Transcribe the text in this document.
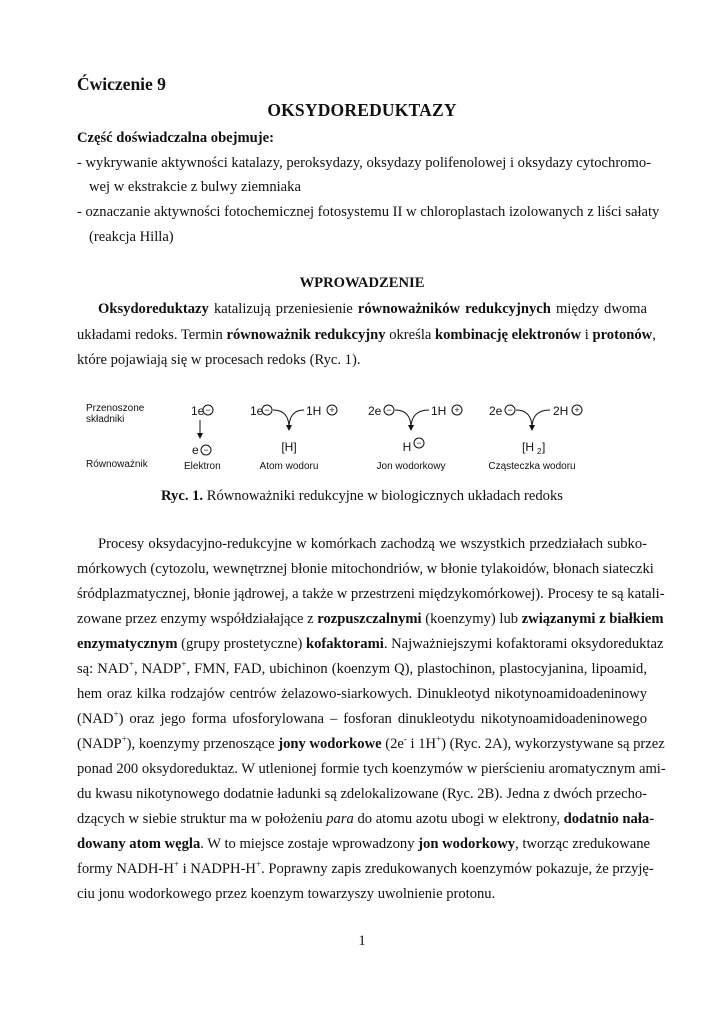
Ćwiczenie 9
OKSYDOREDUKTAZY
Część doświadczalna obejmuje:
- wykrywanie aktywności katalazy, peroksydazy, oksydazy polifenolowej i oksydazy cytochromo-
wej w ekstrakcie z bulwy ziemniaka
- oznaczanie aktywności fotochemicznej fotosystemu II w chloroplastach izolowanych z liści sałaty
(reakcja Hilla)
WPROWADZENIE
Oksydoreduktazy katalizują przeniesienie równoważników redukcyjnych między dwoma
układami redoks. Termin równoważnik redukcyjny określa kombinację elektronów i protonów,
które pojawiają się w procesach redoks (Ryc. 1).
Przenoszone
składniki
Równoważnik
1e −
e −
Elektron
1e −	1H +
[H]
Atom wodoru
2e −	1H +
H −
Jon wodorkowy
2e −	2H +
[H 2 ]
Cząsteczka wodoru
Ryc. 1. Równoważniki redukcyjne w biologicznych układach redoks
Procesy oksydacyjno-redukcyjne w komórkach zachodzą we wszystkich przedziałach subko-
mórkowych (cytozolu, wewnętrznej błonie mitochondriów, w błonie tylakoidów, błonach siateczki
śródplazmatycznej, błonie jądrowej, a także w przestrzeni międzykomórkowej). Procesy te są katali-
zowane przez enzymy współdziałające z rozpuszczalnymi (koenzymy) lub związanymi z białkiem
enzymatycznym (grupy prostetyczne) kofaktorami. Najważniejszymi kofaktorami oksydoreduktaz
są: NAD+, NADP+, FMN, FAD, ubichinon (koenzym Q), plastochinon, plastocyjanina, lipoamid,
hem oraz kilka rodzajów centrów żelazowo-siarkowych. Dinukleotyd nikotynoamidoadeninowy
(NAD+) oraz jego forma ufosforylowana – fosforan dinukleotydu nikotynoamidoadeninowego
(NADP+), koenzymy przenoszące jony wodorkowe (2e- i 1H+) (Ryc. 2A), wykorzystywane są przez
ponad 200 oksydoreduktaz. W utlenionej formie tych koenzymów w pierścieniu aromatycznym ami-
du kwasu nikotynowego dodatnie ładunki są zdelokalizowane (Ryc. 2B). Jedna z dwóch przecho-
dzących w siebie struktur ma w położeniu para do atomu azotu ubogi w elektrony, dodatnio nała-
dowany atom węgla. W to miejsce zostaje wprowadzony jon wodorkowy, tworząc zredukowane
formy NADH-H+ i NADPH-H+. Poprawny zapis zredukowanych koenzymów pokazuje, że przyję-
ciu jonu wodorkowego przez koenzym towarzyszy uwolnienie protonu.
1
